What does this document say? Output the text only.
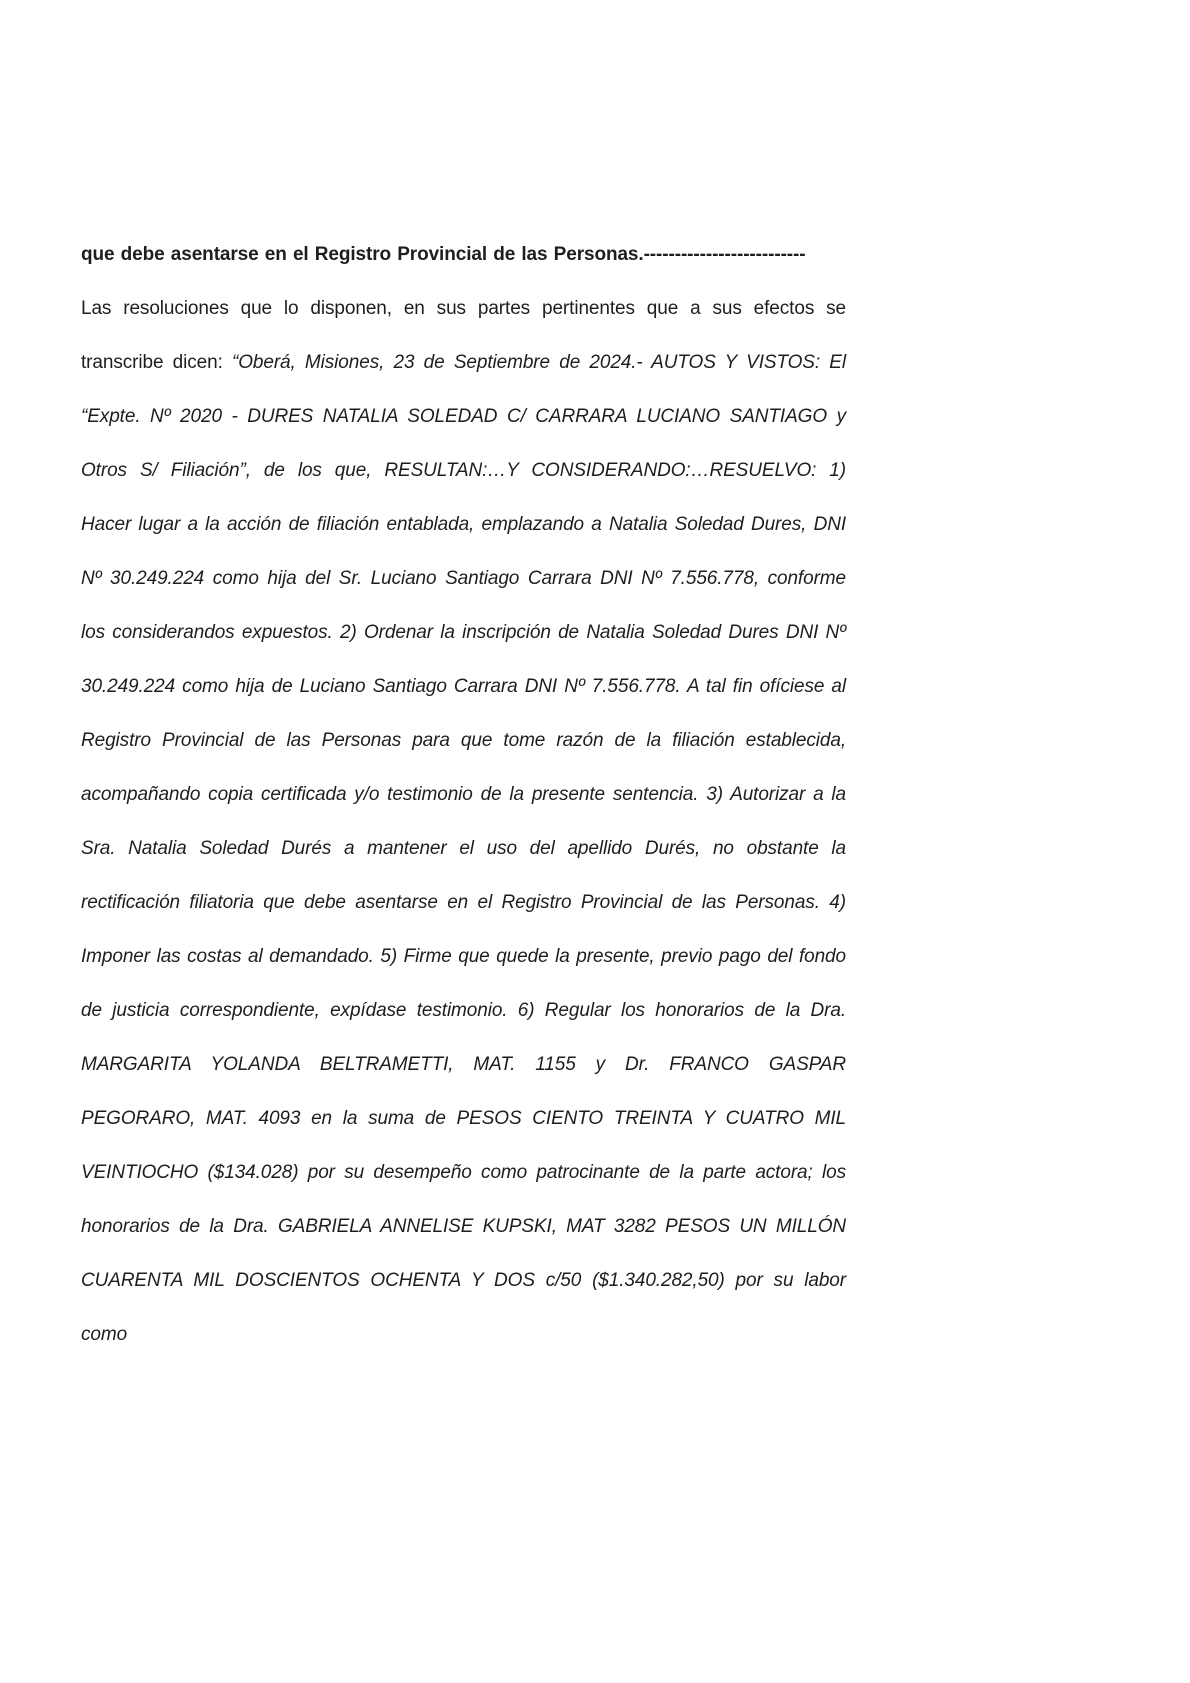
que debe asentarse en el Registro Provincial de las Personas.--------------------------

Las resoluciones que lo disponen, en sus partes pertinentes que a sus efectos se transcribe dicen: “Oberá, Misiones, 23 de Septiembre de 2024.- AUTOS Y VISTOS: El “Expte. Nº 2020 - DURES NATALIA SOLEDAD C/ CARRARA LUCIANO SANTIAGO y Otros S/ Filiación”, de los que, RESULTAN:…Y CONSIDERANDO:…RESUELVO: 1) Hacer lugar a la acción de filiación entablada, emplazando a Natalia Soledad Dures, DNI Nº 30.249.224 como hija del Sr. Luciano Santiago Carrara DNI Nº 7.556.778, conforme los considerandos expuestos. 2) Ordenar la inscripción de Natalia Soledad Dures DNI Nº 30.249.224 como hija de Luciano Santiago Carrara DNI Nº 7.556.778. A tal fin ofíciese al Registro Provincial de las Personas para que tome razón de la filiación establecida, acompañando copia certificada y/o testimonio de la presente sentencia. 3) Autorizar a la Sra. Natalia Soledad Durés a mantener el uso del apellido Durés, no obstante la rectificación filiatoria que debe asentarse en el Registro Provincial de las Personas. 4) Imponer las costas al demandado. 5) Firme que quede la presente, previo pago del fondo de justicia correspondiente, expídase testimonio. 6) Regular los honorarios de la Dra. MARGARITA YOLANDA BELTRAMETTI, MAT. 1155 y Dr. FRANCO GASPAR PEGORARO, MAT. 4093 en la suma de PESOS CIENTO TREINTA Y CUATRO MIL VEINTIOCHO ($134.028) por su desempeño como patrocinante de la parte actora; los honorarios de la Dra. GABRIELA ANNELISE KUPSKI, MAT 3282 PESOS UN MILLÓN CUARENTA MIL DOSCIENTOS OCHENTA Y DOS c/50 ($1.340.282,50) por su labor como
